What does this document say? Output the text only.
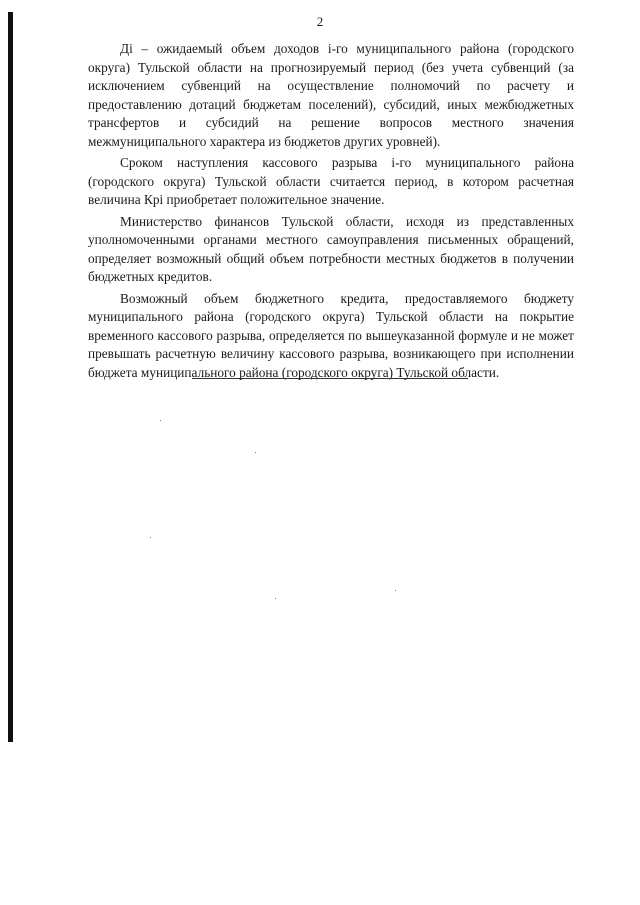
2

Дi – ожидаемый объем доходов i-го муниципального района (городского округа) Тульской области на прогнозируемый период (без учета субвенций (за исключением субвенций на осуществление полномочий по расчету и предоставлению дотаций бюджетам поселений), субсидий, иных межбюджетных трансфертов и субсидий на решение вопросов местного значения межмуниципального характера из бюджетов других уровней).

Сроком наступления кассового разрыва i-го муниципального района (городского округа) Тульской области считается период, в котором расчетная величина Крi приобретает положительное значение.

Министерство финансов Тульской области, исходя из представленных уполномоченными органами местного самоуправления письменных обращений, определяет возможный общий объем потребности местных бюджетов в получении бюджетных кредитов.

Возможный объем бюджетного кредита, предоставляемого бюджету муниципального района (городского округа) Тульской области на покрытие временного кассового разрыва, определяется по вышеуказанной формуле и не может превышать расчетную величину кассового разрыва, возникающего при исполнении бюджета муниципального района (городского округа) Тульской области.
